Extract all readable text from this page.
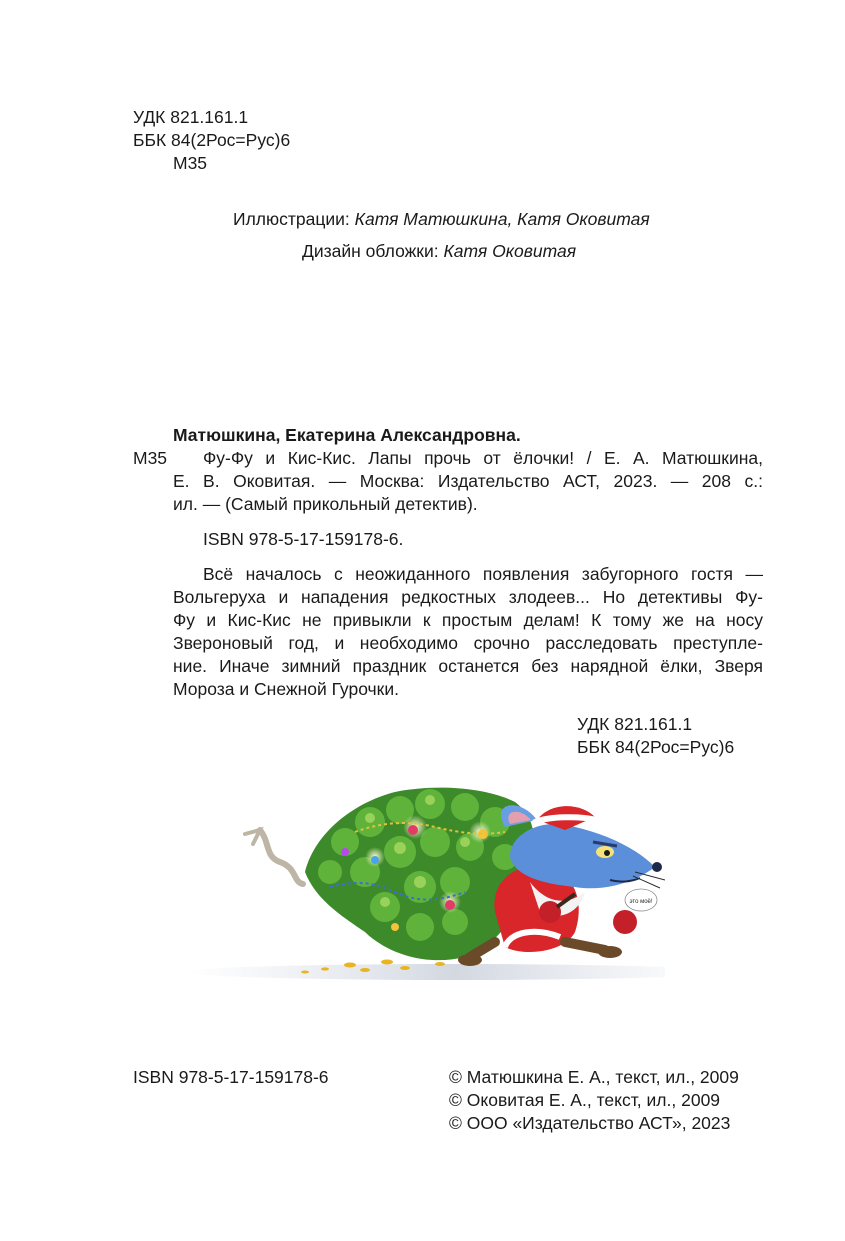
УДК 821.161.1
ББК 84(2Рос=Рус)6
М35
Иллюстрации: Катя Матюшкина, Катя Оковитая
Дизайн обложки: Катя Оковитая
Матюшкина, Екатерина Александровна.
М35 Фу-Фу и Кис-Кис. Лапы прочь от ёлочки! / Е. А. Матюшкина,
Е. В. Оковитая. — Москва: Издательство АСТ, 2023. — 208 с.:
ил. — (Самый прикольный детектив).
ISBN 978-5-17-159178-6.
Всё началось с неожиданного появления забугорного гостя —
Вольгеруха и нападения редкостных злодеев... Но детективы Фу-
Фу и Кис-Кис не привыкли к простым делам! К тому же на носу
Звероновый год, и необходимо срочно расследовать преступле-
ние. Иначе зимний праздник останется без нарядной ёлки, Зверя
Мороза и Снежной Гурочки.
УДК 821.161.1
ББК 84(2Рос=Рус)6
это моё!
ISBN 978-5-17-159178-6	© Матюшкина Е. А., текст, ил., 2009
© Оковитая Е. А., текст, ил., 2009
© ООО «Издательство АСТ», 2023
